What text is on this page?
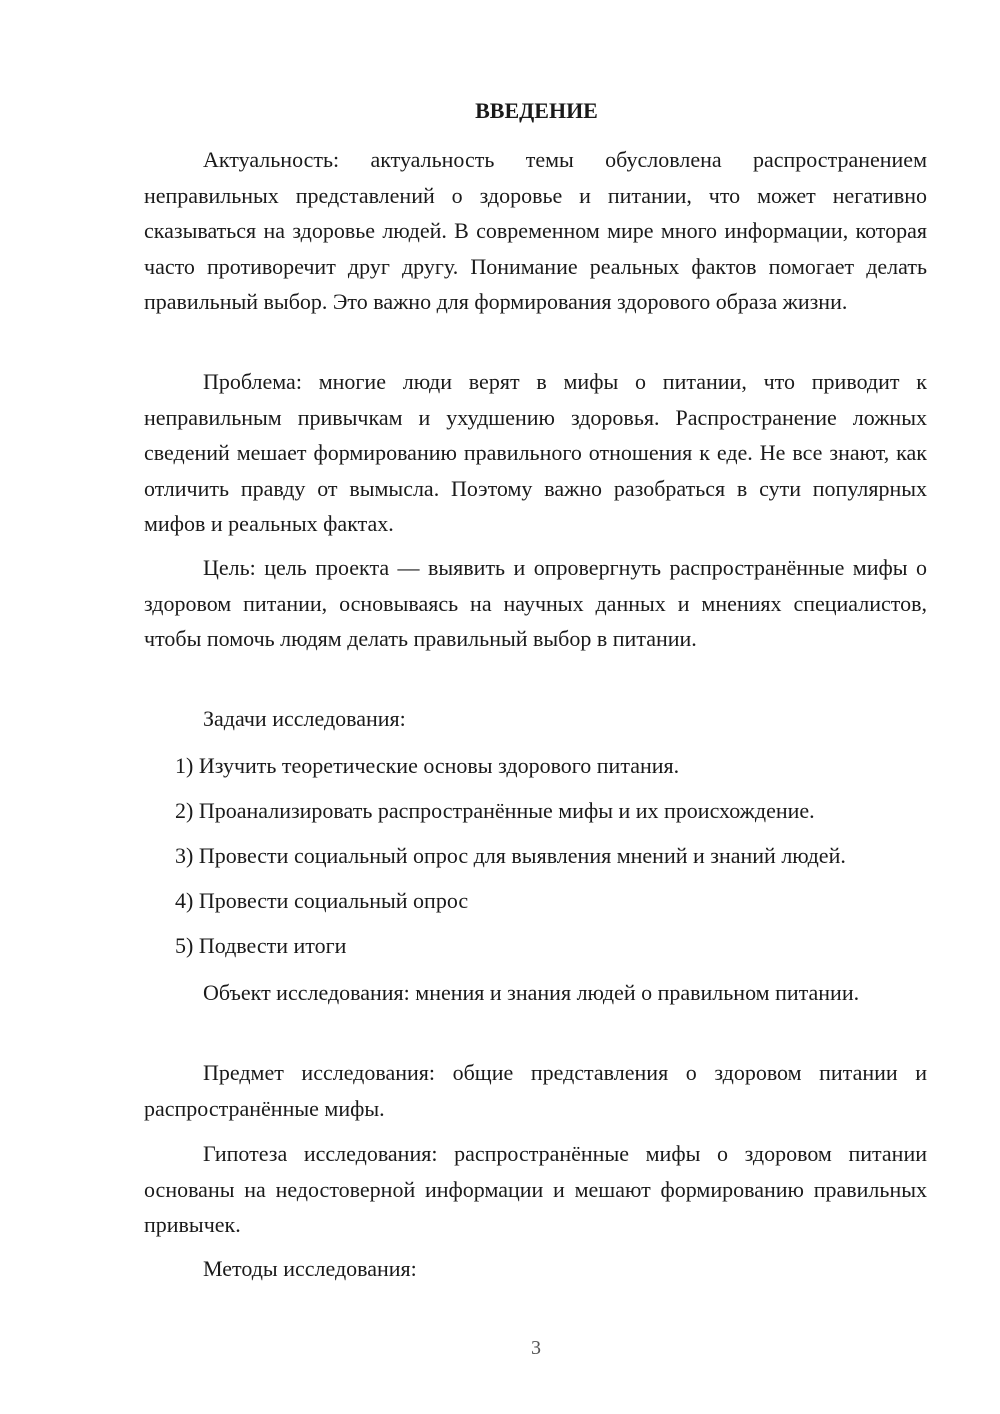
ВВЕДЕНИЕ
Актуальность: актуальность темы обусловлена распространением неправильных представлений о здоровье и питании, что может негативно сказываться на здоровье людей. В современном мире много информации, которая часто противоречит друг другу. Понимание реальных фактов помогает делать правильный выбор. Это важно для формирования здорового образа жизни.
Проблема: многие люди верят в мифы о питании, что приводит к неправильным привычкам и ухудшению здоровья. Распространение ложных сведений мешает формированию правильного отношения к еде. Не все знают, как отличить правду от вымысла. Поэтому важно разобраться в сути популярных мифов и реальных фактах.
Цель: цель проекта — выявить и опровергнуть распространённые мифы о здоровом питании, основываясь на научных данных и мнениях специалистов, чтобы помочь людям делать правильный выбор в питании.
Задачи исследования:
1) Изучить теоретические основы здорового питания.
2) Проанализировать распространённые мифы и их происхождение.
3) Провести социальный опрос для выявления мнений и знаний людей.
4) Провести социальный опрос
5) Подвести итоги
Объект исследования: мнения и знания людей о правильном питании.
Предмет исследования: общие представления о здоровом питании и распространённые мифы.
Гипотеза исследования: распространённые мифы о здоровом питании основаны на недостоверной информации и мешают формированию правильных привычек.
Методы исследования:
3
